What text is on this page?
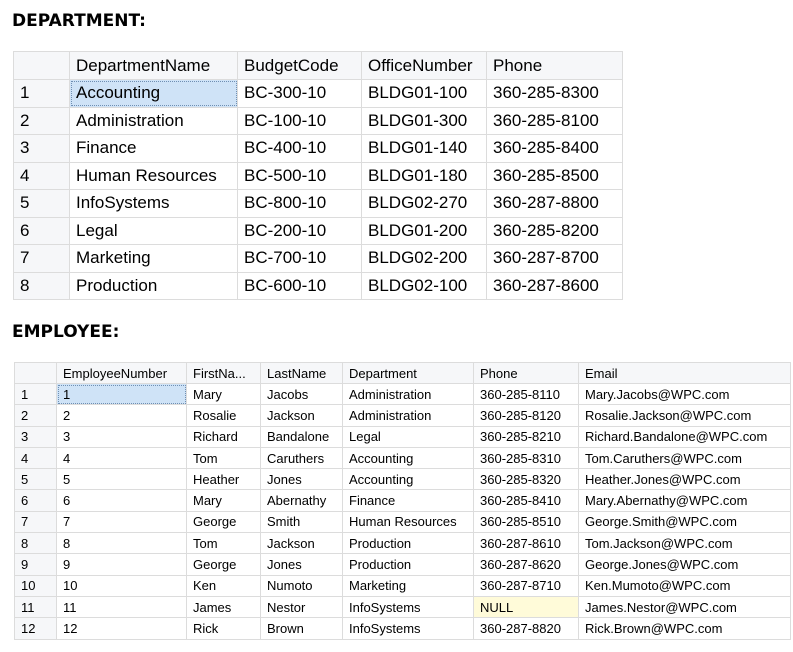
DEPARTMENT:
	DepartmentName	BudgetCode	OfficeNumber	Phone
1	Accounting	BC-300-10	BLDG01-100	360-285-8300
2	Administration	BC-100-10	BLDG01-300	360-285-8100
3	Finance	BC-400-10	BLDG01-140	360-285-8400
4	Human Resources	BC-500-10	BLDG01-180	360-285-8500
5	InfoSystems	BC-800-10	BLDG02-270	360-287-8800
6	Legal	BC-200-10	BLDG01-200	360-285-8200
7	Marketing	BC-700-10	BLDG02-200	360-287-8700
8	Production	BC-600-10	BLDG02-100	360-287-8600
EMPLOYEE:
	EmployeeNumber	FirstNa...	LastName	Department	Phone	Email
1	1	Mary	Jacobs	Administration	360-285-8110	Mary.Jacobs@WPC.com
2	2	Rosalie	Jackson	Administration	360-285-8120	Rosalie.Jackson@WPC.com
3	3	Richard	Bandalone	Legal	360-285-8210	Richard.Bandalone@WPC.com
4	4	Tom	Caruthers	Accounting	360-285-8310	Tom.Caruthers@WPC.com
5	5	Heather	Jones	Accounting	360-285-8320	Heather.Jones@WPC.com
6	6	Mary	Abernathy	Finance	360-285-8410	Mary.Abernathy@WPC.com
7	7	George	Smith	Human Resources	360-285-8510	George.Smith@WPC.com
8	8	Tom	Jackson	Production	360-287-8610	Tom.Jackson@WPC.com
9	9	George	Jones	Production	360-287-8620	George.Jones@WPC.com
10	10	Ken	Numoto	Marketing	360-287-8710	Ken.Mumoto@WPC.com
11	11	James	Nestor	InfoSystems	NULL	James.Nestor@WPC.com
12	12	Rick	Brown	InfoSystems	360-287-8820	Rick.Brown@WPC.com
